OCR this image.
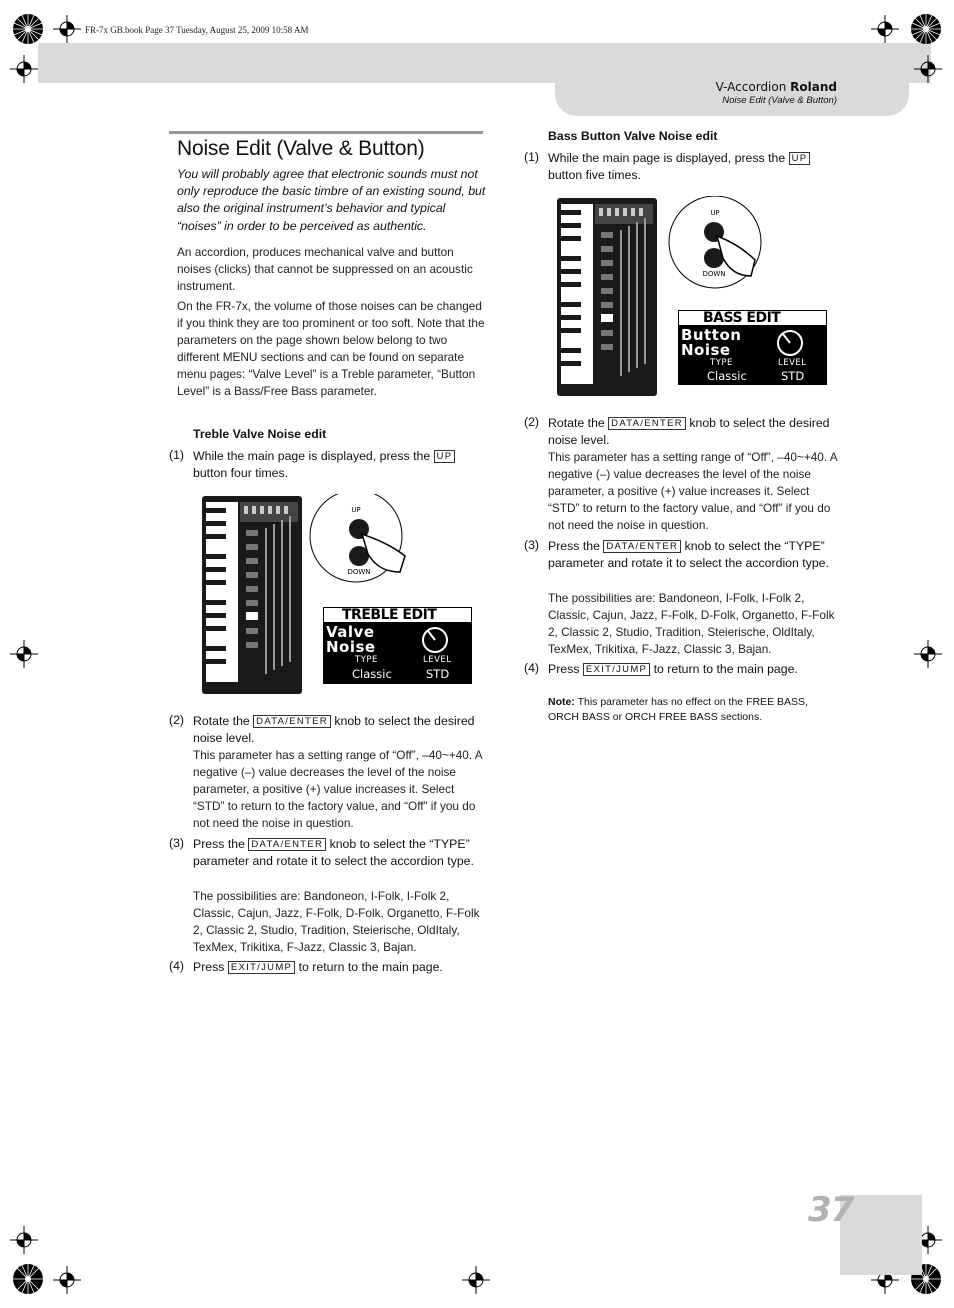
FR-7x GB.book Page 37 Tuesday, August 25, 2009 10:58 AM
V-Accordion Roland
Noise Edit (Valve & Button)
Noise Edit (Valve & Button)
You will probably agree that electronic sounds must not only reproduce the basic timbre of an existing sound, but also the original instrument’s behavior and typical “noises” in order to be perceived as authentic.
An accordion, produces mechanical valve and button noises (clicks) that cannot be suppressed on an acoustic instrument.
On the FR-7x, the volume of those noises can be changed if you think they are too prominent or too soft. Note that the parameters on the page shown below belong to two different MENU sections and can be found on separate menu pages: “Valve Level” is a Treble parameter, “Button Level” is a Bass/Free Bass parameter.
Treble Valve Noise edit
(1) While the main page is displayed, press the UP
button four times.
UP
DOWN
TREBLE EDIT
Valve
Noise
TYPE	LEVEL
Classic	STD
(2) Rotate the DATA/ENTER knob to select the desired noise level.
This parameter has a setting range of “Off”, –40~+40. A negative (–) value decreases the level of the noise parameter, a positive (+) value increases it. Select “STD” to return to the factory value, and “Off” if you do not need the noise in question.
(3) Press the DATA/ENTER knob to select the “TYPE” parameter and rotate it to select the accordion type.
The possibilities are: Bandoneon, I-Folk, I-Folk 2, Classic, Cajun, Jazz, F-Folk, D-Folk, Organetto, F-Folk 2, Classic 2, Studio, Tradition, Steierische, OldItaly, TexMex, Trikitixa, F-Jazz, Classic 3, Bajan.
(4) Press EXIT/JUMP to return to the main page.
Bass Button Valve Noise edit
(1) While the main page is displayed, press the UP
button five times.
UP
DOWN
BASS EDIT
Button
Noise
TYPE	LEVEL
Classic	STD
(2) Rotate the DATA/ENTER knob to select the desired noise level.
This parameter has a setting range of “Off”, –40~+40. A negative (–) value decreases the level of the noise parameter, a positive (+) value increases it. Select “STD” to return to the factory value, and “Off” if you do not need the noise in question.
(3) Press the DATA/ENTER knob to select the “TYPE” parameter and rotate it to select the accordion type.
The possibilities are: Bandoneon, I-Folk, I-Folk 2, Classic, Cajun, Jazz, F-Folk, D-Folk, Organetto, F-Folk 2, Classic 2, Studio, Tradition, Steierische, OldItaly, TexMex, Trikitixa, F-Jazz, Classic 3, Bajan.
(4) Press EXIT/JUMP to return to the main page.
Note: This parameter has no effect on the FREE BASS, ORCH BASS or ORCH FREE BASS sections.
37
